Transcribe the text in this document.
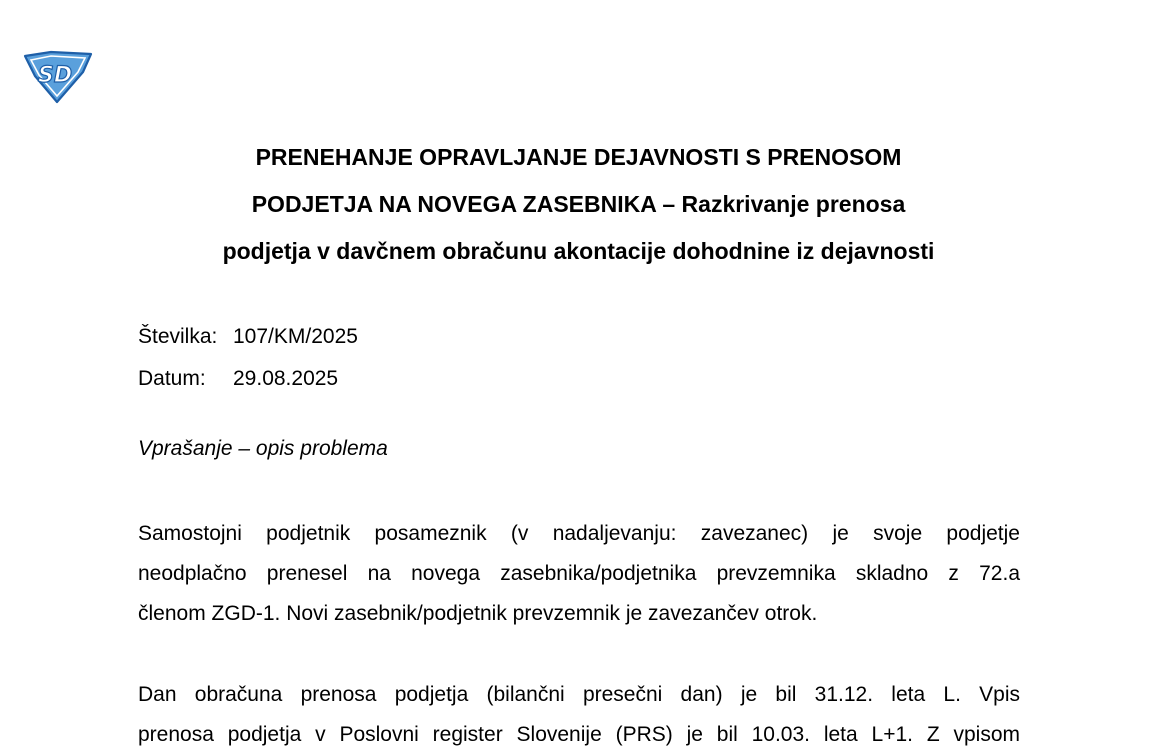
SD
PRENEHANJE OPRAVLJANJE DEJAVNOSTI S PRENOSOM
PODJETJA NA NOVEGA ZASEBNIKA – Razkrivanje prenosa
podjetja v davčnem obračunu akontacije dohodnine iz dejavnosti
Številka: 107/KM/2025
Datum: 29.08.2025
Vprašanje – opis problema
Samostojni podjetnik posameznik (v nadaljevanju: zavezanec) je svoje podjetje
neodplačno prenesel na novega zasebnika/podjetnika prevzemnika skladno z 72.a
členom ZGD-1. Novi zasebnik/podjetnik prevzemnik je zavezančev otrok.
Dan obračuna prenosa podjetja (bilančni presečni dan) je bil 31.12. leta L. Vpis
prenosa podjetja v Poslovni register Slovenije (PRS) je bil 10.03. leta L+1. Z vpisom
